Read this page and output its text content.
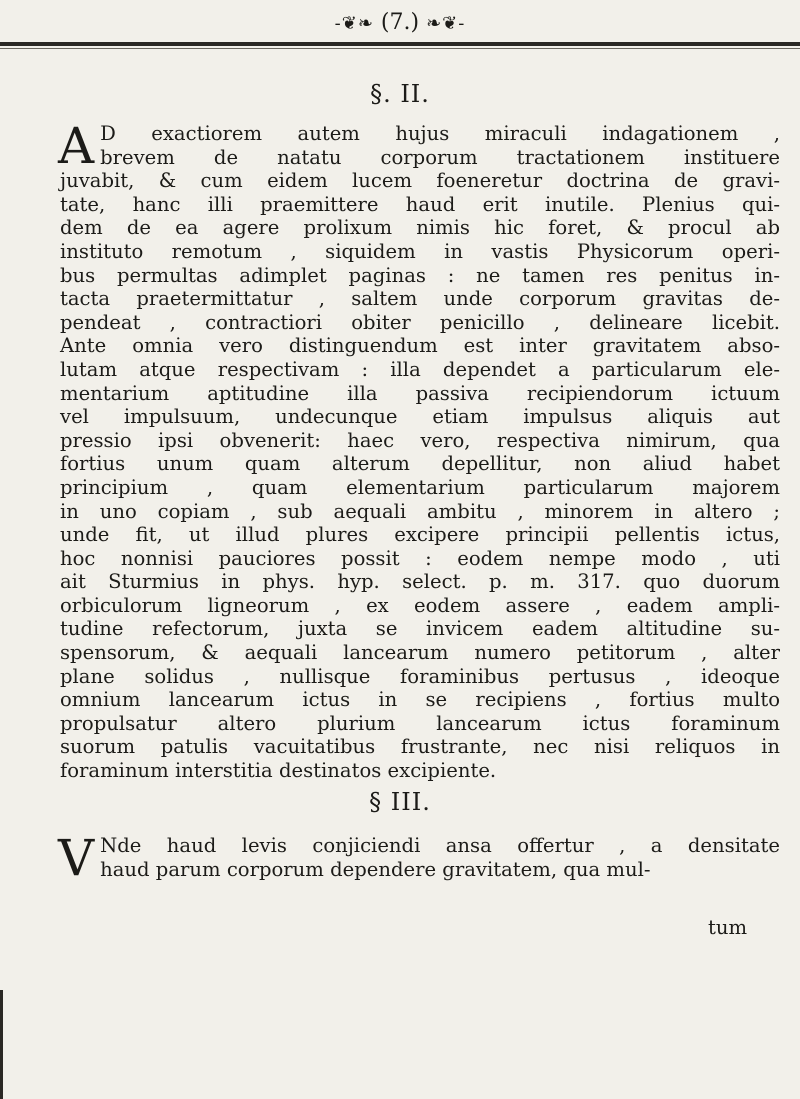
-❦❧ (7.) ❧❦-
§. II.
A D exactiorem autem hujus miraculi indagationem ,
brevem de natatu corporum tractationem instituere
juvabit, & cum eidem lucem foeneretur doctrina de gravi-
tate, hanc illi praemittere haud erit inutile. Plenius qui-
dem de ea agere prolixum nimis hic foret, & procul ab
instituto remotum , siquidem in vastis Physicorum operi-
bus permultas adimplet paginas : ne tamen res penitus in-
tacta praetermittatur , saltem unde corporum gravitas de-
pendeat , contractiori obiter penicillo , delineare licebit.
Ante omnia vero distinguendum est inter gravitatem abso-
lutam atque respectivam : illa dependet a particularum ele-
mentarium aptitudine illa passiva recipiendorum ictuum
vel impulsuum, undecunque etiam impulsus aliquis aut
pressio ipsi obvenerit: haec vero, respectiva nimirum, qua
fortius unum quam alterum depellitur, non aliud habet
principium , quam elementarium particularum majorem
in uno copiam , sub aequali ambitu , minorem in altero ;
unde fit, ut illud plures excipere principii pellentis ictus,
hoc nonnisi pauciores possit : eodem nempe modo , uti
ait Sturmius in phys. hyp. select. p. m. 317. quo duorum
orbiculorum ligneorum , ex eodem assere , eadem ampli-
tudine refectorum, juxta se invicem eadem altitudine su-
spensorum, & aequali lancearum numero petitorum , alter
plane solidus , nullisque foraminibus pertusus , ideoque
omnium lancearum ictus in se recipiens , fortius multo
propulsatur altero plurium lancearum ictus foraminum
suorum patulis vacuitatibus frustrante, nec nisi reliquos in
foraminum interstitia destinatos excipiente.
§ III.
V Nde haud levis conjiciendi ansa offertur , a densitate
haud parum corporum dependere gravitatem, qua mul-
tum
